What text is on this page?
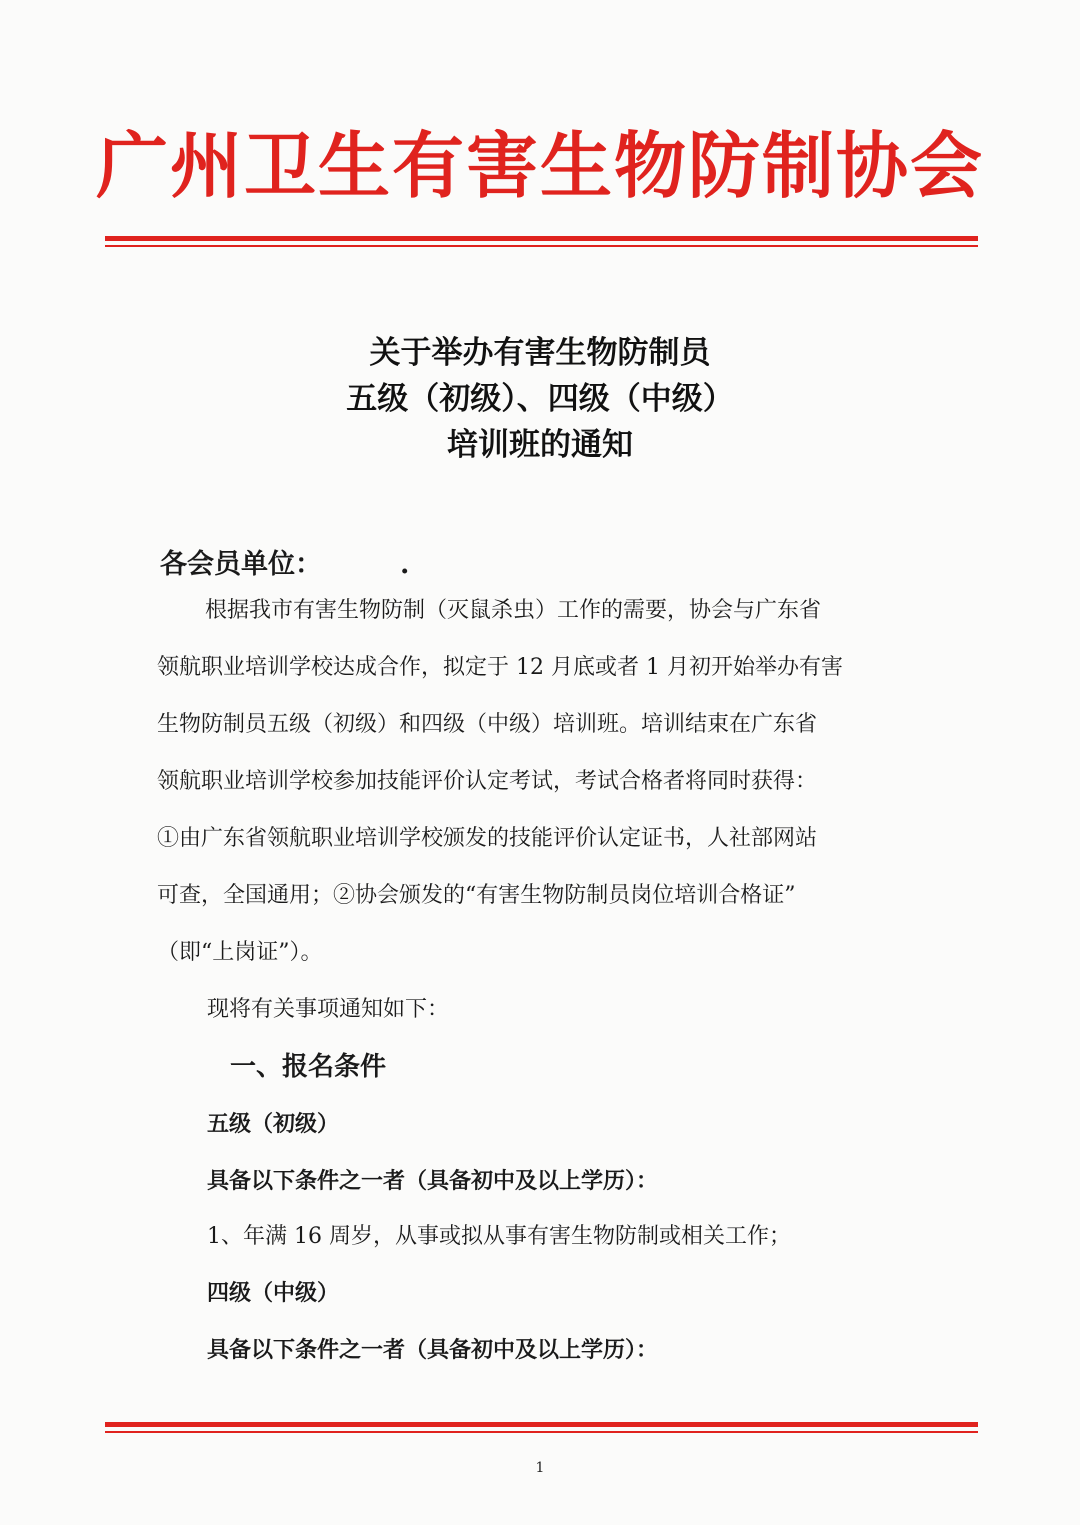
广州卫生有害生物防制协会
关于举办有害生物防制员
五级（初级）、四级（中级）
培训班的通知
各会员单位：	.
根据我市有害生物防制（灭鼠杀虫）工作的需要，协会与广东省
领航职业培训学校达成合作，拟定于 12 月底或者 1 月初开始举办有害
生物防制员五级（初级）和四级（中级）培训班。培训结束在广东省
领航职业培训学校参加技能评价认定考试，考试合格者将同时获得：
①由广东省领航职业培训学校颁发的技能评价认定证书，人社部网站
可查，全国通用；②协会颁发的“有害生物防制员岗位培训合格证”
（即“上岗证”）。
现将有关事项通知如下：
一、报名条件
五级（初级）
具备以下条件之一者（具备初中及以上学历）：
1、年满 16 周岁，从事或拟从事有害生物防制或相关工作；
四级（中级）
具备以下条件之一者（具备初中及以上学历）：
1
